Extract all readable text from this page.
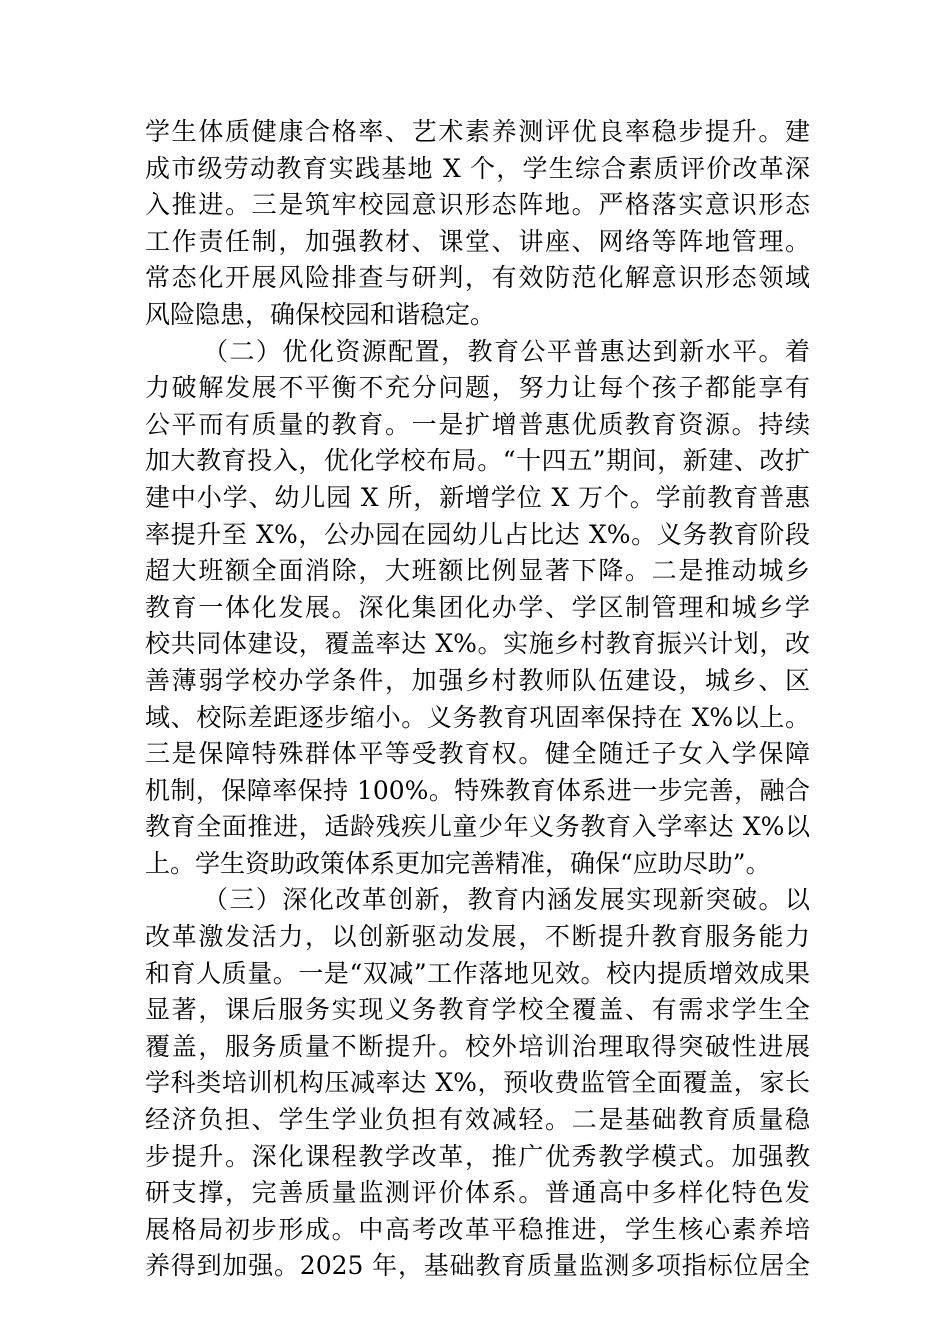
学生体质健康合格率、艺术素养测评优良率稳步提升。建
成市级劳动教育实践基地 X 个，学生综合素质评价改革深
入推进。三是筑牢校园意识形态阵地。严格落实意识形态
工作责任制，加强教材、课堂、讲座、网络等阵地管理。
常态化开展风险排查与研判，有效防范化解意识形态领域
风险隐患，确保校园和谐稳定。
（二）优化资源配置，教育公平普惠达到新水平。着
力破解发展不平衡不充分问题，努力让每个孩子都能享有
公平而有质量的教育。一是扩增普惠优质教育资源。持续
加大教育投入，优化学校布局。“十四五”期间，新建、改扩
建中小学、幼儿园 X 所，新增学位 X 万个。学前教育普惠
率提升至 X%，公办园在园幼儿占比达 X%。义务教育阶段
超大班额全面消除，大班额比例显著下降。二是推动城乡
教育一体化发展。深化集团化办学、学区制管理和城乡学
校共同体建设，覆盖率达 X%。实施乡村教育振兴计划，改
善薄弱学校办学条件，加强乡村教师队伍建设，城乡、区
域、校际差距逐步缩小。义务教育巩固率保持在 X%以上。
三是保障特殊群体平等受教育权。健全随迁子女入学保障
机制，保障率保持 100%。特殊教育体系进一步完善，融合
教育全面推进，适龄残疾儿童少年义务教育入学率达 X%以
上。学生资助政策体系更加完善精准，确保“应助尽助”。
（三）深化改革创新，教育内涵发展实现新突破。以
改革激发活力，以创新驱动发展，不断提升教育服务能力
和育人质量。一是“双减”工作落地见效。校内提质增效成果
显著，课后服务实现义务教育学校全覆盖、有需求学生全
覆盖，服务质量不断提升。校外培训治理取得突破性进展
学科类培训机构压减率达 X%，预收费监管全面覆盖，家长
经济负担、学生学业负担有效减轻。二是基础教育质量稳
步提升。深化课程教学改革，推广优秀教学模式。加强教
研支撑，完善质量监测评价体系。普通高中多样化特色发
展格局初步形成。中高考改革平稳推进，学生核心素养培
养得到加强。2025 年，基础教育质量监测多项指标位居全
